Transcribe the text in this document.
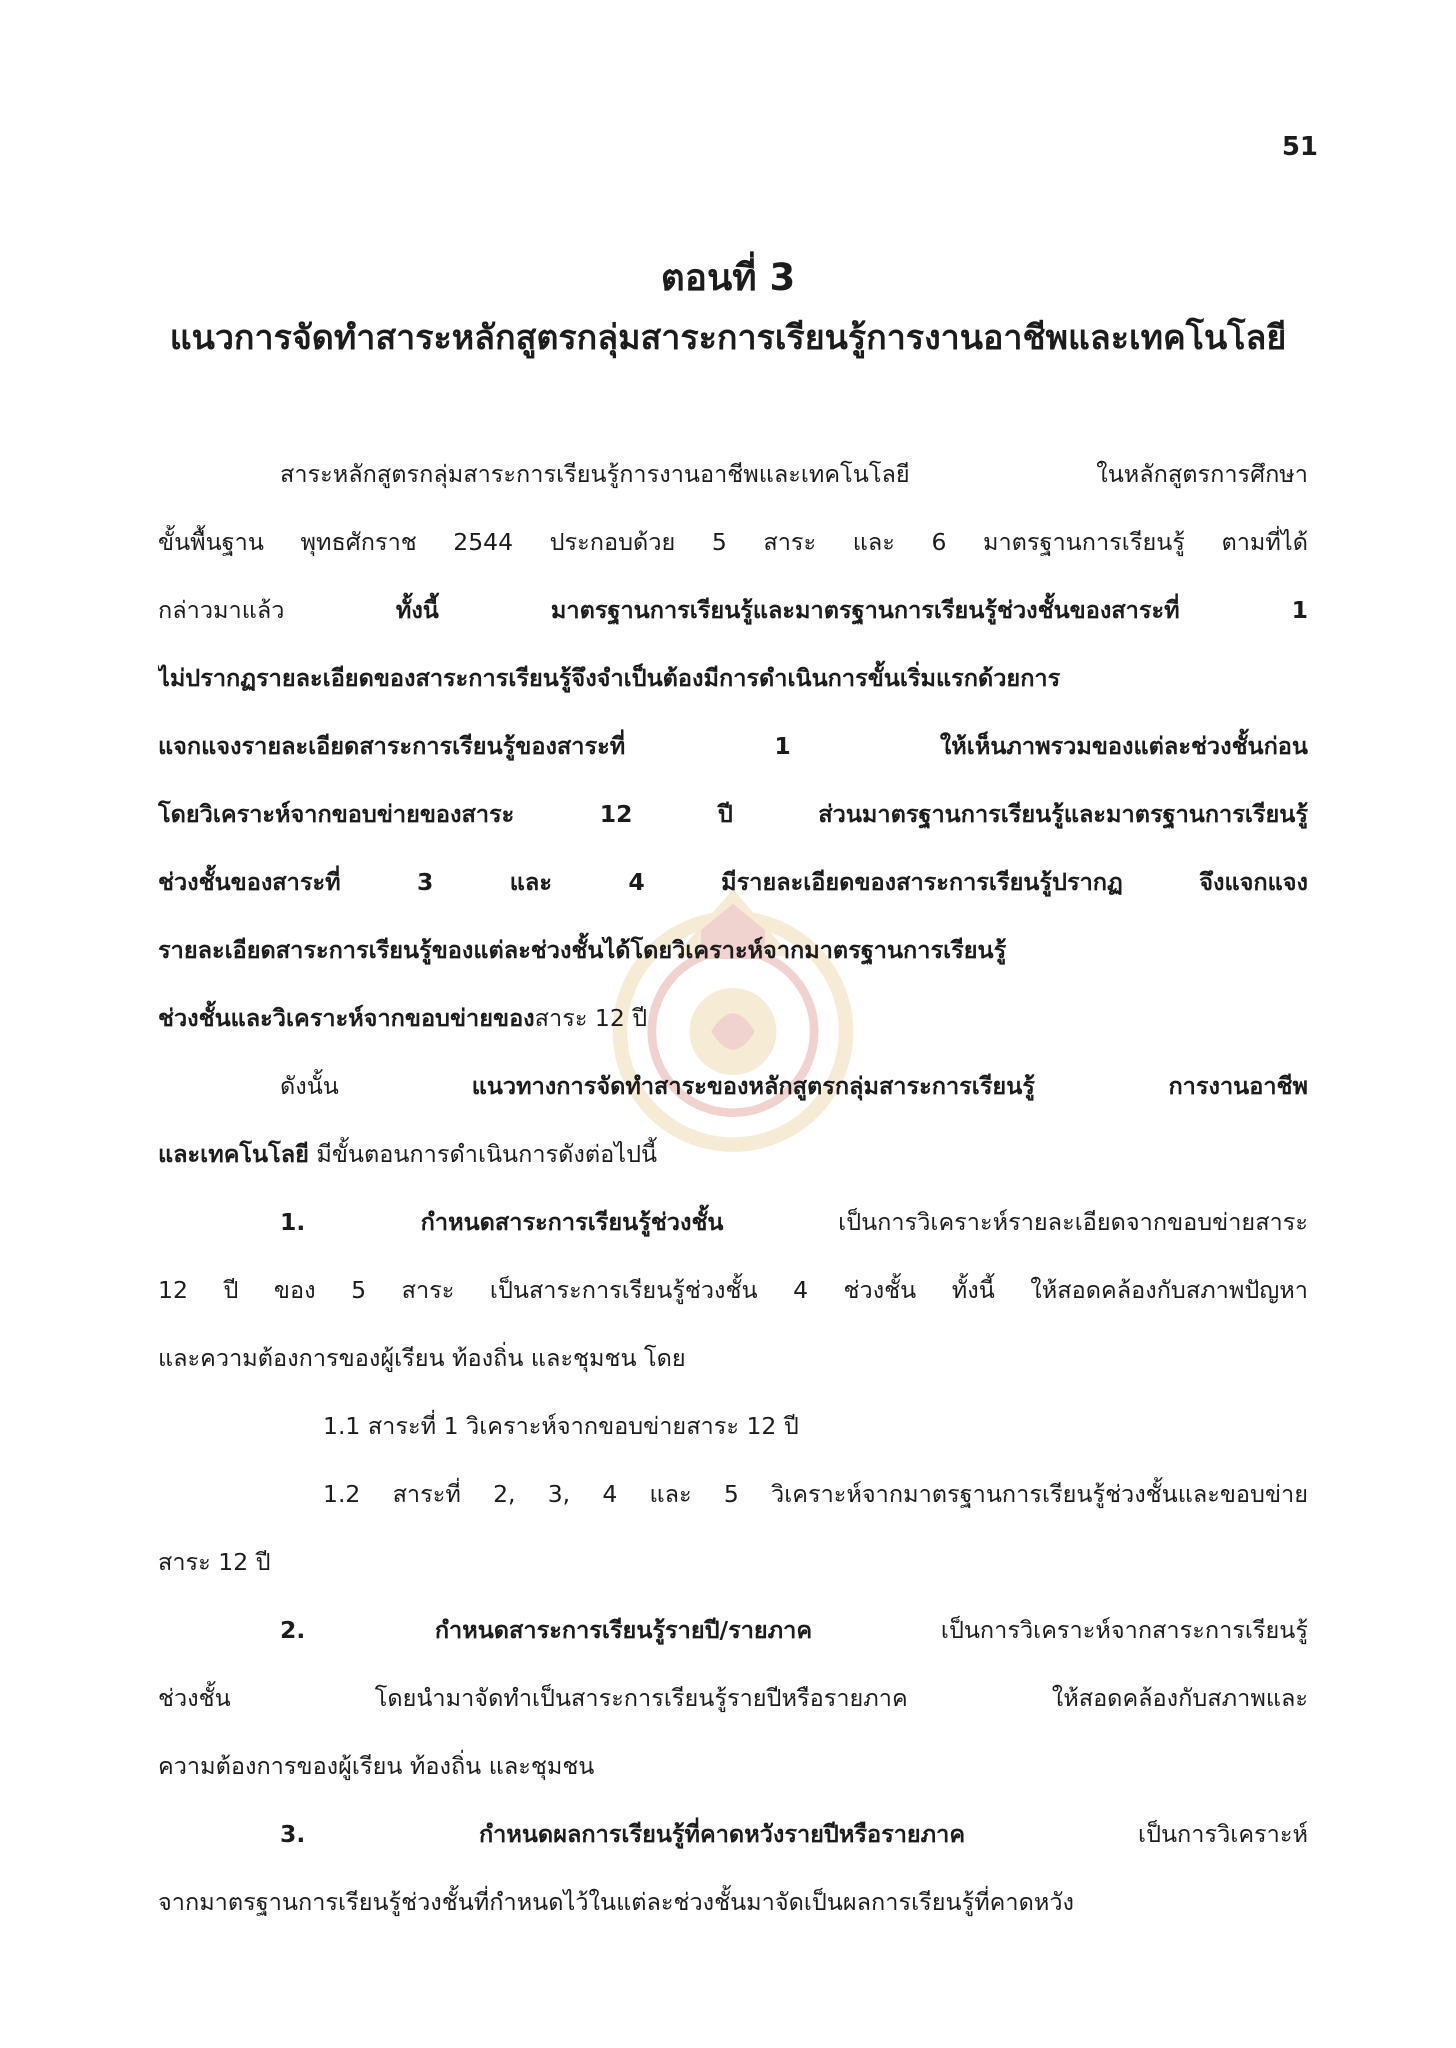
51
ตอนที่ 3
แนวการจัดทำสาระหลักสูตรกลุ่มสาระการเรียนรู้การงานอาชีพและเทคโนโลยี
สาระหลักสูตรกลุ่มสาระการเรียนรู้การงานอาชีพและเทคโนโลยี ในหลักสูตรการศึกษา
ขั้นพื้นฐาน พุทธศักราช 2544 ประกอบด้วย 5 สาระ และ 6 มาตรฐานการเรียนรู้ ตามที่ได้
กล่าวมาแล้ว ทั้งนี้ มาตรฐานการเรียนรู้และมาตรฐานการเรียนรู้ช่วงชั้นของสาระที่ 1
ไม่ปรากฏรายละเอียดของสาระการเรียนรู้จึงจำเป็นต้องมีการดำเนินการขั้นเริ่มแรกด้วยการ
แจกแจงรายละเอียดสาระการเรียนรู้ของสาระที่ 1 ให้เห็นภาพรวมของแต่ละช่วงชั้นก่อน
โดยวิเคราะห์จากขอบข่ายของสาระ 12 ปี ส่วนมาตรฐานการเรียนรู้และมาตรฐานการเรียนรู้
ช่วงชั้นของสาระที่ 3 และ 4 มีรายละเอียดของสาระการเรียนรู้ปรากฏ จึงแจกแจง
รายละเอียดสาระการเรียนรู้ของแต่ละช่วงชั้นได้โดยวิเคราะห์จากมาตรฐานการเรียนรู้
ช่วงชั้นและวิเคราะห์จากขอบข่ายของสาระ 12 ปี
ดังนั้น แนวทางการจัดทำสาระของหลักสูตรกลุ่มสาระการเรียนรู้ การงานอาชีพ
และเทคโนโลยี มีขั้นตอนการดำเนินการดังต่อไปนี้
1. กำหนดสาระการเรียนรู้ช่วงชั้น เป็นการวิเคราะห์รายละเอียดจากขอบข่ายสาระ
12 ปี ของ 5 สาระ เป็นสาระการเรียนรู้ช่วงชั้น 4 ช่วงชั้น ทั้งนี้ ให้สอดคล้องกับสภาพปัญหา
และความต้องการของผู้เรียน ท้องถิ่น และชุมชน โดย
1.1 สาระที่ 1 วิเคราะห์จากขอบข่ายสาระ 12 ปี
1.2 สาระที่ 2, 3, 4 และ 5 วิเคราะห์จากมาตรฐานการเรียนรู้ช่วงชั้นและขอบข่าย
สาระ 12 ปี
2. กำหนดสาระการเรียนรู้รายปี/รายภาค เป็นการวิเคราะห์จากสาระการเรียนรู้
ช่วงชั้น โดยนำมาจัดทำเป็นสาระการเรียนรู้รายปีหรือรายภาค ให้สอดคล้องกับสภาพและ
ความต้องการของผู้เรียน ท้องถิ่น และชุมชน
3. กำหนดผลการเรียนรู้ที่คาดหวังรายปีหรือรายภาค เป็นการวิเคราะห์
จากมาตรฐานการเรียนรู้ช่วงชั้นที่กำหนดไว้ในแต่ละช่วงชั้นมาจัดเป็นผลการเรียนรู้ที่คาดหวัง
